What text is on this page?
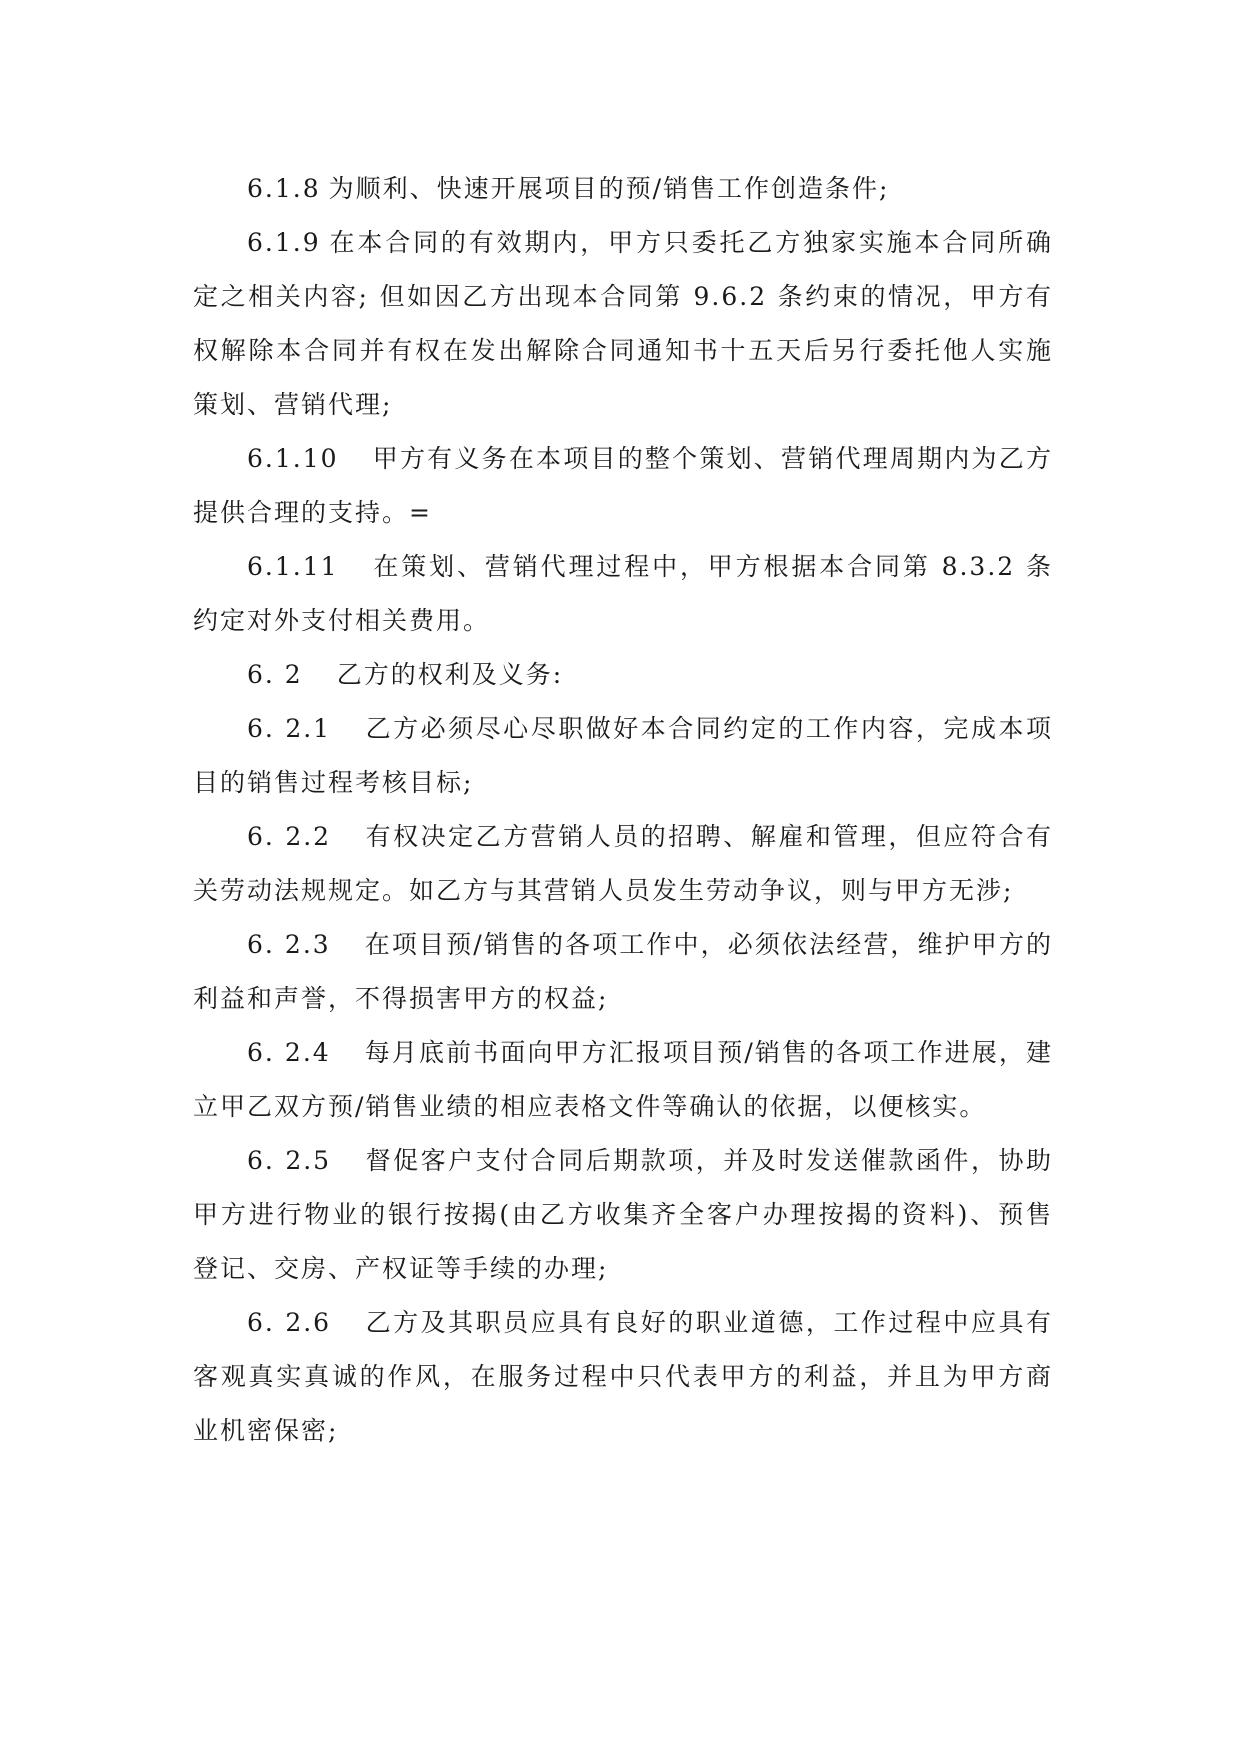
6.1.8 为顺利、快速开展项目的预/销售工作创造条件;

6.1.9 在本合同的有效期内，甲方只委托乙方独家实施本合同所确定之相关内容; 但如因乙方出现本合同第 9.6.2 条约束的情况，甲方有权解除本合同并有权在发出解除合同通知书十五天后另行委托他人实施策划、营销代理;

6.1.10 甲方有义务在本项目的整个策划、营销代理周期内为乙方提供合理的支持。=

6.1.11 在策划、营销代理过程中，甲方根据本合同第 8.3.2 条约定对外支付相关费用。

6. 2 乙方的权利及义务:

6. 2.1 乙方必须尽心尽职做好本合同约定的工作内容，完成本项目的销售过程考核目标;

6. 2.2 有权决定乙方营销人员的招聘、解雇和管理，但应符合有关劳动法规规定。如乙方与其营销人员发生劳动争议，则与甲方无涉;

6. 2.3 在项目预/销售的各项工作中，必须依法经营，维护甲方的利益和声誉，不得损害甲方的权益;

6. 2.4 每月底前书面向甲方汇报项目预/销售的各项工作进展，建立甲乙双方预/销售业绩的相应表格文件等确认的依据，以便核实。

6. 2.5 督促客户支付合同后期款项，并及时发送催款函件，协助甲方进行物业的银行按揭(由乙方收集齐全客户办理按揭的资料)、预售登记、交房、产权证等手续的办理;

6. 2.6 乙方及其职员应具有良好的职业道德，工作过程中应具有客观真实真诚的作风，在服务过程中只代表甲方的利益，并且为甲方商业机密保密;
